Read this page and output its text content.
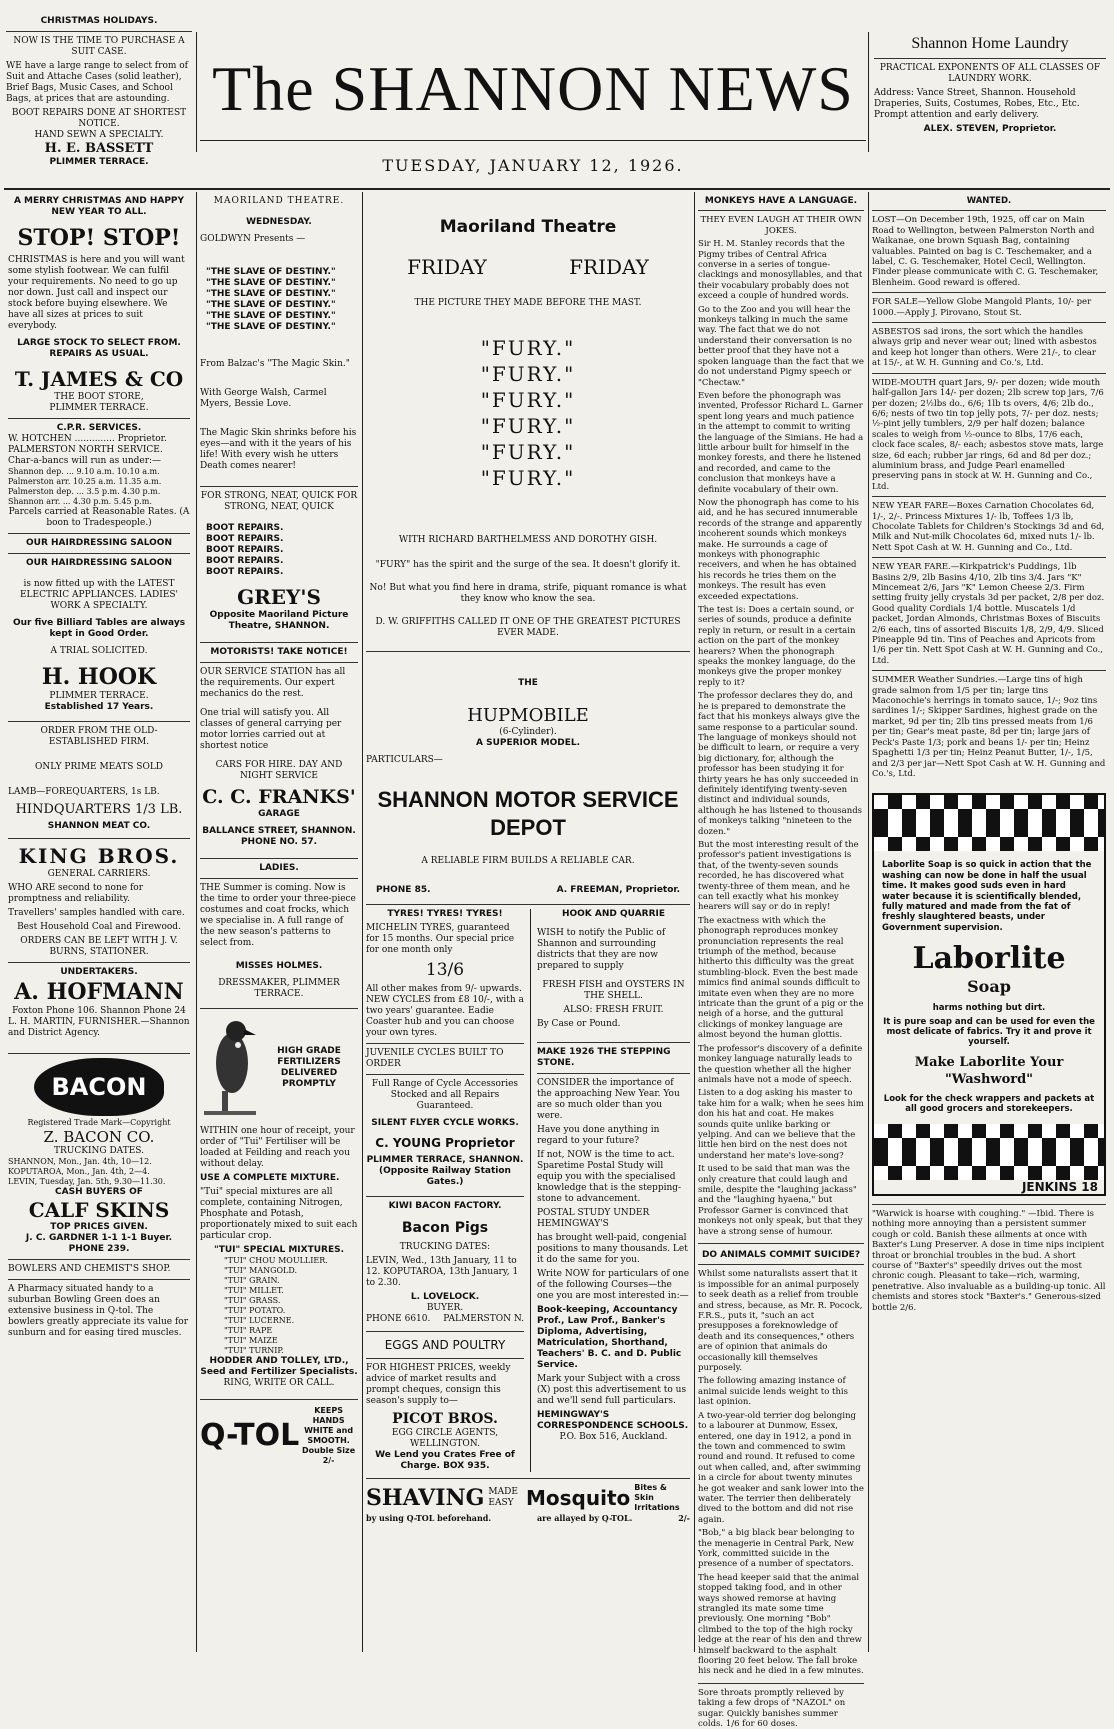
CHRISTMAS HOLIDAYS.
NOW IS THE TIME TO PURCHASE A SUIT CASE.

WE have a large range to select from of Suit and Attache Cases (solid leather), Brief Bags, Music Cases, and School Bags, at prices that are astounding.

BOOT REPAIRS DONE AT SHORTEST NOTICE.
HAND SEWN A SPECIALTY.
H. E. BASSETT
PLIMMER TERRACE.
The SHANNON NEWS
TUESDAY, JANUARY 12, 1926.
Shannon Home Laundry
PRACTICAL EXPONENTS OF ALL CLASSES OF LAUNDRY WORK.

Address: Vance Street, Shannon. Household Draperies, Suits, Costumes, Robes, Etc., Etc. Prompt attention and early delivery.

ALEX. STEVEN, Proprietor.
A MERRY CHRISTMAS AND HAPPY NEW YEAR TO ALL.
STOP! STOP!

CHRISTMAS is here and you will want some stylish footwear. We can fulfil your requirements. No need to go up nor down. Just call and inspect our stock before buying elsewhere. We have all sizes at prices to suit everybody.

LARGE STOCK TO SELECT FROM. REPAIRS AS USUAL.
T. JAMES & CO
THE BOOT STORE,
PLIMMER TERRACE.
C.P.R. SERVICES.
W. HOTCHEN .............. Proprietor.
PALMERSTON NORTH SERVICE.
Char-a-bancs will run as under:—
Shannon dep. ... 9.10 a.m. 10.10 a.m.
Palmerston arr. 10.25 a.m. 11.35 a.m.
Palmerston dep. ... 3.5 p.m. 4.30 p.m.
Shannon arr. ... 4.30 p.m. 5.45 p.m.
Parcels carried at Reasonable Rates. (A boon to Tradespeople.)
OUR HAIRDRESSING SALOON
OUR HAIRDRESSING SALOON

is now fitted up with the LATEST ELECTRIC APPLIANCES. LADIES' WORK A SPECIALTY.

Our five Billiard Tables are always kept in Good Order.
A TRIAL SOLICITED.
H. HOOK
PLIMMER TERRACE.
Established 17 Years.
ORDER FROM THE OLD-ESTABLISHED FIRM.
ONLY PRIME MEATS SOLD
LAMB—FOREQUARTERS, 1s LB.
HINDQUARTERS 1/3 LB.
SHANNON MEAT CO.
KING BROS.
GENERAL CARRIERS.

WHO ARE second to none for promptness and reliability.

Travellers' samples handled with care.

Best Household Coal and Firewood.

ORDERS CAN BE LEFT WITH J. V. BURNS, STATIONER.

UNDERTAKERS.
A. HOFMANN
Foxton Phone 106. Shannon Phone 24
L. H. MARTIN, FURNISHER.—Shannon and District Agency.
BACON
Registered Trade Mark—Copyright
Z. BACON CO.
TRUCKING DATES.
SHANNON, Mon., Jan. 4th, 10—12.
KOPUTAROA, Mon., Jan. 4th, 2—4.
LEVIN, Tuesday, Jan. 5th, 9.30—11.30.
CASH BUYERS OF
CALF SKINS
TOP PRICES GIVEN.
J. C. GARDNER 1-1 1-1 Buyer. PHONE 239.
BOWLERS AND CHEMIST'S SHOP.

A Pharmacy situated handy to a suburban Bowling Green does an extensive business in Q-tol. The bowlers greatly appreciate its value for sunburn and for easing tired muscles.

MAORILAND THEATRE.
WEDNESDAY.
GOLDWYN Presents —
"THE SLAVE OF DESTINY."
"THE SLAVE OF DESTINY."
"THE SLAVE OF DESTINY."
"THE SLAVE OF DESTINY."
"THE SLAVE OF DESTINY."
"THE SLAVE OF DESTINY."

From Balzac's "The Magic Skin."

With George Walsh, Carmel Myers, Bessie Love.

The Magic Skin shrinks before his eyes—and with it the years of his life! With every wish he utters Death comes nearer!

FOR STRONG, NEAT, QUICK FOR STRONG, NEAT, QUICK
BOOT REPAIRS.
BOOT REPAIRS.
BOOT REPAIRS.
BOOT REPAIRS.
BOOT REPAIRS.
GREY'S
Opposite Maoriland Picture Theatre, SHANNON.
MOTORISTS! TAKE NOTICE!

OUR SERVICE STATION has all the requirements. Our expert mechanics do the rest.

One trial will satisfy you. All classes of general carrying per motor lorries carried out at shortest notice

CARS FOR HIRE. DAY AND NIGHT SERVICE

C. C. FRANKS'
GARAGE
BALLANCE STREET, SHANNON. PHONE NO. 57.
LADIES.

THE Summer is coming. Now is the time to order your three-piece costumes and coat frocks, which we specialise in. A full range of the new season's patterns to select from.

MISSES HOLMES.
DRESSMAKER, PLIMMER TERRACE.
HIGH GRADE FERTILIZERS DELIVERED PROMPTLY

WITHIN one hour of receipt, your order of "Tui" Fertiliser will be loaded at Feilding and reach you without delay.

USE A COMPLETE MIXTURE.

"Tui" special mixtures are all complete, containing Nitrogen, Phosphate and Potash, proportionately mixed to suit each particular crop.

"TUI" SPECIAL MIXTURES.
"TUI" CHOU MOULLIER.
"TUI" MANGOLD.
"TUI" GRAIN.
"TUI" MILLET.
"TUI" GRASS.
"TUI" POTATO.
"TUI" LUCERNE.
"TUI" RAPE
"TUI" MAIZE
"TUI" TURNIP.
HODDER AND TOLLEY, LTD., Seed and Fertilizer Specialists.
RING, WRITE OR CALL.
Q-TOL
KEEPS HANDS WHITE and SMOOTH. Double Size 2/-
Maoriland Theatre
FRIDAY	FRIDAY
THE PICTURE THEY MADE BEFORE THE MAST.
"FURY."
"FURY."
"FURY."
"FURY."
"FURY."
"FURY."
WITH RICHARD BARTHELMESS AND DOROTHY GISH.

"FURY" has the spirit and the surge of the sea. It doesn't glorify it.

No! But what you find here in drama, strife, piquant romance is what they know who know the sea.

D. W. GRIFFITHS CALLED IT ONE OF THE GREATEST PICTURES EVER MADE.

THE
HUPMOBILE
(6-Cylinder).
A SUPERIOR MODEL.
PARTICULARS—
SHANNON MOTOR SERVICE DEPOT
A RELIABLE FIRM BUILDS A RELIABLE CAR.
PHONE 85.	A. FREEMAN, Proprietor.
TYRES! TYRES! TYRES!

MICHELIN TYRES, guaranteed for 15 months. Our special price for one month only

13/6

All other makes from 9/- upwards. NEW CYCLES from £8 10/-, with a two years' guarantee. Eadie Coaster hub and you can choose your own tyres.

JUVENILE CYCLES BUILT TO ORDER

Full Range of Cycle Accessories Stocked and all Repairs Guaranteed.

SILENT FLYER CYCLE WORKS.
C. YOUNG Proprietor
PLIMMER TERRACE, SHANNON. (Opposite Railway Station Gates.)
KIWI BACON FACTORY.
Bacon Pigs
TRUCKING DATES:

LEVIN, Wed., 13th January, 11 to 12. KOPUTAROA, 13th January, 1 to 2.30.

L. LOVELOCK.
BUYER.
PHONE 6610. PALMERSTON N.
EGGS AND POULTRY

FOR HIGHEST PRICES, weekly advice of market results and prompt cheques, consign this season's supply to—

PICOT BROS.
EGG CIRCLE AGENTS, WELLINGTON.
We Lend you Crates Free of Charge. BOX 935.
HOOK AND QUARRIE

WISH to notify the Public of Shannon and surrounding districts that they are now prepared to supply

FRESH FISH and OYSTERS IN THE SHELL.

ALSO: FRESH FRUIT.

By Case or Pound.
MAKE 1926 THE STEPPING STONE.

CONSIDER the importance of the approaching New Year. You are so much older than you were.

Have you done anything in regard to your future?

If not, NOW is the time to act. Sparetime Postal Study will equip you with the specialised knowledge that is the stepping-stone to advancement.

POSTAL STUDY UNDER HEMINGWAY'S

has brought well-paid, congenial positions to many thousands. Let it do the same for you.

Write NOW for particulars of one of the following Courses—the one you are most interested in:—

Book-keeping, Accountancy Prof., Law Prof., Banker's Diploma, Advertising, Matriculation, Shorthand, Teachers' B. C. and D. Public Service.

Mark your Subject with a cross (X) post this advertisement to us and we'll send full particulars.

HEMINGWAY'S CORRESPONDENCE SCHOOLS.
P.O. Box 516, Auckland.
SHAVING MADE EASY Mosquito Bites & Skin Irritations
by using Q-TOL beforehand.	are allayed by Q-TOL.	2/-
MONKEYS HAVE A LANGUAGE.
THEY EVEN LAUGH AT THEIR OWN JOKES.

Sir H. M. Stanley records that the Pigmy tribes of Central Africa converse in a series of tongue-clackings and monosyllables, and that their vocabulary probably does not exceed a couple of hundred words.

Go to the Zoo and you will hear the monkeys talking in much the same way. The fact that we do not understand their conversation is no better proof that they have not a spoken language than the fact that we do not understand Pigmy speech or "Chectaw."

Even before the phonograph was invented, Professor Richard L. Garner spent long years and much patience in the attempt to commit to writing the language of the Simians. He had a little arbour built for himself in the monkey forests, and there he listened and recorded, and came to the conclusion that monkeys have a definite vocabulary of their own.

Now the phonograph has come to his aid, and he has secured innumerable records of the strange and apparently incoherent sounds which monkeys make. He surrounds a cage of monkeys with phonographic receivers, and when he has obtained his records he tries them on the monkeys. The result has even exceeded expectations.

The test is: Does a certain sound, or series of sounds, produce a definite reply in return, or result in a certain action on the part of the monkey hearers? When the phonograph speaks the monkey language, do the monkeys give the proper monkey reply to it?

The professor declares they do, and he is prepared to demonstrate the fact that his monkeys always give the same response to a particular sound. The language of monkeys should not be difficult to learn, or require a very big dictionary, for, although the professor has been studying it for thirty years he has only succeeded in definitely identifying twenty-seven distinct and individual sounds, although he has listened to thousands of monkeys talking "nineteen to the dozen."

But the most interesting result of the professor's patient investigations is that, of the twenty-seven sounds recorded, he has discovered what twenty-three of them mean, and he can tell exactly what his monkey hearers will say or do in reply!

The exactness with which the phonograph reproduces monkey pronunciation represents the real triumph of the method, because hitherto this difficulty was the great stumbling-block. Even the best made mimics find animal sounds difficult to imitate even when they are no more intricate than the grunt of a pig or the neigh of a horse, and the guttural clickings of monkey language are almost beyond the human glottis.

The professor's discovery of a definite monkey language naturally leads to the question whether all the higher animals have not a mode of speech.

Listen to a dog asking his master to take him for a walk; when he sees him don his hat and coat. He makes sounds quite unlike barking or yelping. And can we believe that the little hen bird on the nest does not understand her mate's love-song?

It used to be said that man was the only creature that could laugh and smile, despite the "laughing jackass" and the "laughing hyaena," but Professor Garner is convinced that monkeys not only speak, but that they have a strong sense of humour.

DO ANIMALS COMMIT SUICIDE?

Whilst some naturalists assert that it is impossible for an animal purposely to seek death as a relief from trouble and stress, because, as Mr. R. Pocock, F.R.S., puts it, "such an act presupposes a foreknowledge of death and its consequences," others are of opinion that animals do occasionally kill themselves purposely.

The following amazing instance of animal suicide lends weight to this last opinion.

A two-year-old terrier dog belonging to a labourer at Dunmow, Essex, entered, one day in 1912, a pond in the town and commenced to swim round and round. It refused to come out when called, and, after swimming in a circle for about twenty minutes he got weaker and sank lower into the water. The terrier then deliberately dived to the bottom and did not rise again.

"Bob," a big black bear belonging to the menagerie in Central Park, New York, committed suicide in the presence of a number of spectators.

The head keeper said that the animal stopped taking food, and in other ways showed remorse at having strangled its mate some time previously. One morning "Bob" climbed to the top of the high rocky ledge at the rear of his den and threw himself backward to the asphalt flooring 20 feet below. The fall broke his neck and he died in a few minutes.

Sore throats promptly relieved by taking a few drops of "NAZOL" on sugar. Quickly banishes summer colds. 1/6 for 60 doses.

WANTED.

LOST—On December 19th, 1925, off car on Main Road to Wellington, between Palmerston North and Waikanae, one brown Squash Bag, containing valuables. Painted on bag is C. Teschemaker, and a label, C. G. Teschemaker, Hotel Cecil, Wellington. Finder please communicate with C. G. Teschemaker, Blenheim. Good reward is offered.

FOR SALE—Yellow Globe Mangold Plants, 10/- per 1000.—Apply J. Pirovano, Stout St.

ASBESTOS sad irons, the sort which the handles always grip and never wear out; lined with asbestos and keep hot longer than others. Were 21/-, to clear at 15/-, at W. H. Gunning and Co.'s, Ltd.

WIDE-MOUTH quart Jars, 9/- per dozen; wide mouth half-gallon Jars 14/- per dozen; 2lb screw top jars, 7/6 per dozen; 2½lbs do., 6/6; 1lb ts overs, 4/6; 2lb do., 6/6; nests of two tin top jelly pots, 7/- per doz. nests; ½-pint jelly tumblers, 2/9 per half dozen; balance scales to weigh from ½-ounce to 8lbs, 17/6 each, clock face scales, 8/- each; asbestos stove mats, large size, 6d each; rubber jar rings, 6d and 8d per doz.; aluminium brass, and Judge Pearl enamelled preserving pans in stock at W. H. Gunning and Co., Ltd.

NEW YEAR FARE—Boxes Carnation Chocolates 6d, 1/-, 2/-. Princess Mixtures 1/- lb, Toffees 1/3 lb, Chocolate Tablets for Children's Stockings 3d and 6d, Milk and Nut-milk Chocolates 6d, mixed nuts 1/- lb. Nett Spot Cash at W. H. Gunning and Co., Ltd.

NEW YEAR FARE.—Kirkpatrick's Puddings, 1lb Basins 2/9, 2lb Basins 4/10, 2lb tins 3/4. Jars "K" Mincemeat 2/6, Jars "K" Lemon Cheese 2/3. Firm setting fruity jelly crystals 3d per packet, 2/8 per doz. Good quality Cordials 1/4 bottle. Muscatels 1/d packet, Jordan Almonds, Christmas Boxes of Biscuits 2/6 each, tins of assorted Biscuits 1/8, 2/9, 4/9. Sliced Pineapple 9d tin. Tins of Peaches and Apricots from 1/6 per tin. Nett Spot Cash at W. H. Gunning and Co., Ltd.

SUMMER Weather Sundries.—Large tins of high grade salmon from 1/5 per tin; large tins Maconochie's herrings in tomato sauce, 1/-; 9oz tins sardines 1/-; Skipper Sardines, highest grade on the market, 9d per tin; 2lb tins pressed meats from 1/6 per tin; Gear's meat paste, 8d per tin; large jars of Peck's Paste 1/3; pork and beans 1/- per tin; Heinz Spaghetti 1/3 per tin; Heinz Peanut Butter, 1/-, 1/5, and 2/3 per jar—Nett Spot Cash at W. H. Gunning and Co.'s, Ltd.

Laborlite Soap is so quick in action that the washing can now be done in half the usual time. It makes good suds even in hard water because it is scientifically blended, fully matured and made from the fat of freshly slaughtered beasts, under Government supervision.

Laborlite
Soap
harms nothing but dirt.

It is pure soap and can be used for even the most delicate of fabrics. Try it and prove it yourself.

Make Laborlite Your "Washword"

Look for the check wrappers and packets at all good grocers and storekeepers.

JENKINS 18

"Warwick is hoarse with coughing." —Ibid. There is nothing more annoying than a persistent summer cough or cold. Banish these ailments at once with Baxter's Lung Preserver. A dose in time nips incipient throat or bronchial troubles in the bud. A short course of "Baxter's" speedily drives out the most chronic cough. Pleasant to take—rich, warming, penetrative. Also invaluable as a building-up tonic. All chemists and stores stock "Baxter's." Generous-sized bottle 2/6.
